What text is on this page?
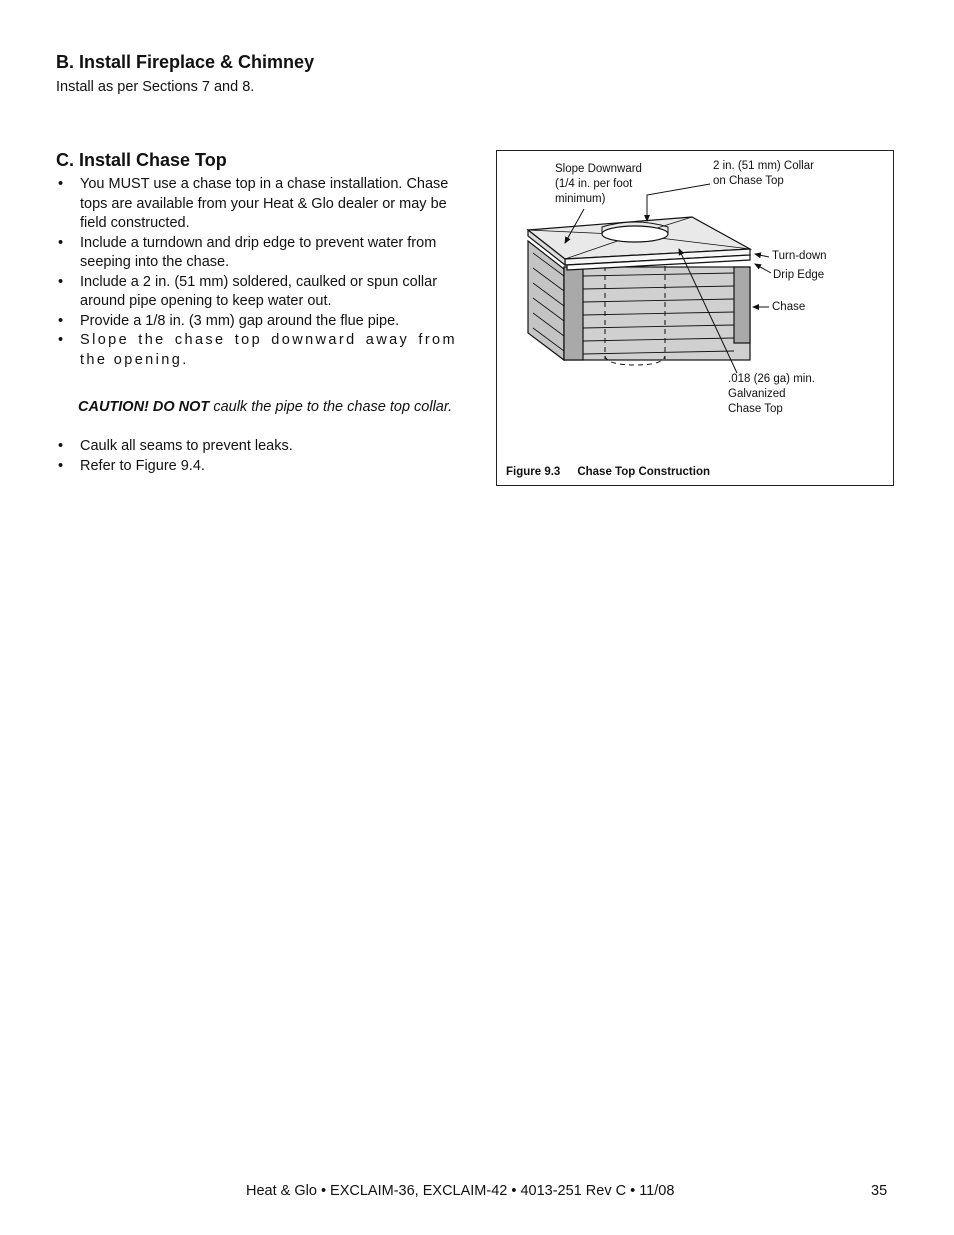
B. Install Fireplace & Chimney

Install as per Sections 7 and 8.

C. Install Chase Top
• You MUST use a chase top in a chase installation. Chase tops are available from your Heat & Glo dealer or may be field constructed.
• Include a turndown and drip edge to prevent water from seeping into the chase.
• Include a 2 in. (51 mm) soldered, caulked or spun collar around pipe opening to keep water out.
• Provide a 1/8 in. (3 mm) gap around the flue pipe.
• Slope the chase top downward away from the opening.

CAUTION! DO NOT caulk the pipe to the chase top collar.

• Caulk all seams to prevent leaks.
• Refer to Figure 9.4.
Slope Downward
(1/4 in. per foot
minimum)
2 in. (51 mm) Collar
on Chase Top
Turn-down
Drip Edge
Chase
.018 (26 ga) min.
Galvanized
Chase Top
Figure 9.3 Chase Top Construction
Heat & Glo • EXCLAIM-36, EXCLAIM-42 • 4013-251 Rev C • 11/08	35
